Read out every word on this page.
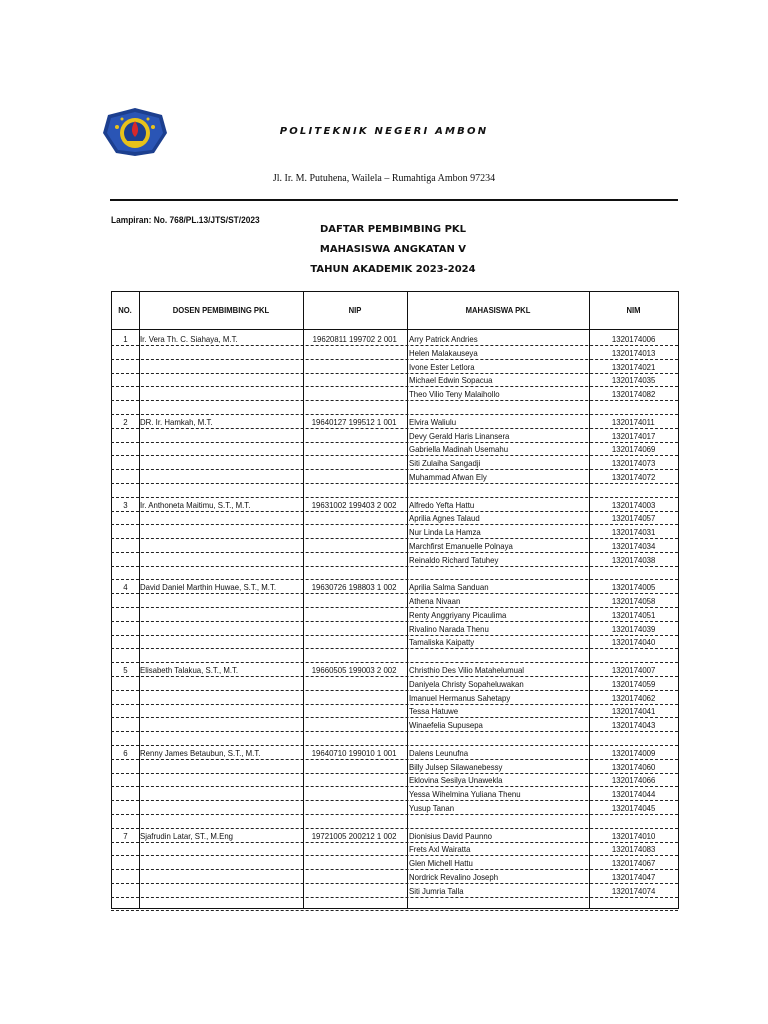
POLITEKNIK NEGERI AMBON
Jl. Ir. M. Putuhena, Wailela – Rumahtiga Ambon 97234
Lampiran: No. 768/PL.13/JTS/ST/2023
DAFTAR PEMBIMBING PKL
MAHASISWA ANGKATAN V
TAHUN AKADEMIK 2023-2024
NO.	DOSEN PEMBIMBING PKL	NIP	MAHASISWA PKL	NIM
1	Ir. Vera Th. C. Siahaya, M.T.	19620811 199702 2 001	Arry Patrick Andries	1320174006
Helen Malakauseya	1320174013
Ivone Ester Letlora	1320174021
Michael Edwin Sopacua	1320174035
Theo Vilio Teny Malaihollo	1320174082
2	DR. Ir. Hamkah, M.T.	19640127 199512 1 001	Elvira Waliulu	1320174011
Devy Gerald Haris Linansera	1320174017
Gabriella Madinah Usemahu	1320174069
Siti Zulaiha Sangadji	1320174073
Muhammad Afwan Ely	1320174072
3	Ir. Anthoneta Maitimu, S.T., M.T.	19631002 199403 2 002	Alfredo Yefta Hattu	1320174003
Aprilia Agnes Talaud	1320174057
Nur Linda La Hamza	1320174031
Marchfirst Emanuelle Polnaya	1320174034
Reinaldo Richard Tatuhey	1320174038
4	David Daniel Marthin Huwae, S.T., M.T.	19630726 198803 1 002	Aprilia Salma Sanduan	1320174005
Athena Nivaan	1320174058
Renty Anggriyany Picaulima	1320174051
Rivalino Narada Thenu	1320174039
Tamaliska Kaipatty	1320174040
5	Elisabeth Talakua, S.T., M.T.	19660505 199003 2 002	Christhio Des Vilio Matahelumual	1320174007
Daniyela Christy Sopaheluwakan	1320174059
Imanuel Hermanus Sahetapy	1320174062
Tessa Hatuwe	1320174041
Winaefelia Supusepa	1320174043
6	Renny James Betaubun, S.T., M.T.	19640710 199010 1 001	Dalens Leunufna	1320174009
Billy Julsep Silawanebessy	1320174060
Eklovina Sesilya Unawekla	1320174066
Yessa Wihelmina Yuliana Thenu	1320174044
Yusup Tanan	1320174045
7	Sjafrudin Latar, ST., M.Eng	19721005 200212 1 002	Dionisius David Paunno	1320174010
Frets Axl Wairatta	1320174083
Glen Michell Hattu	1320174067
Nordrick Revalino Joseph	1320174047
Siti Jumria Talla	1320174074
